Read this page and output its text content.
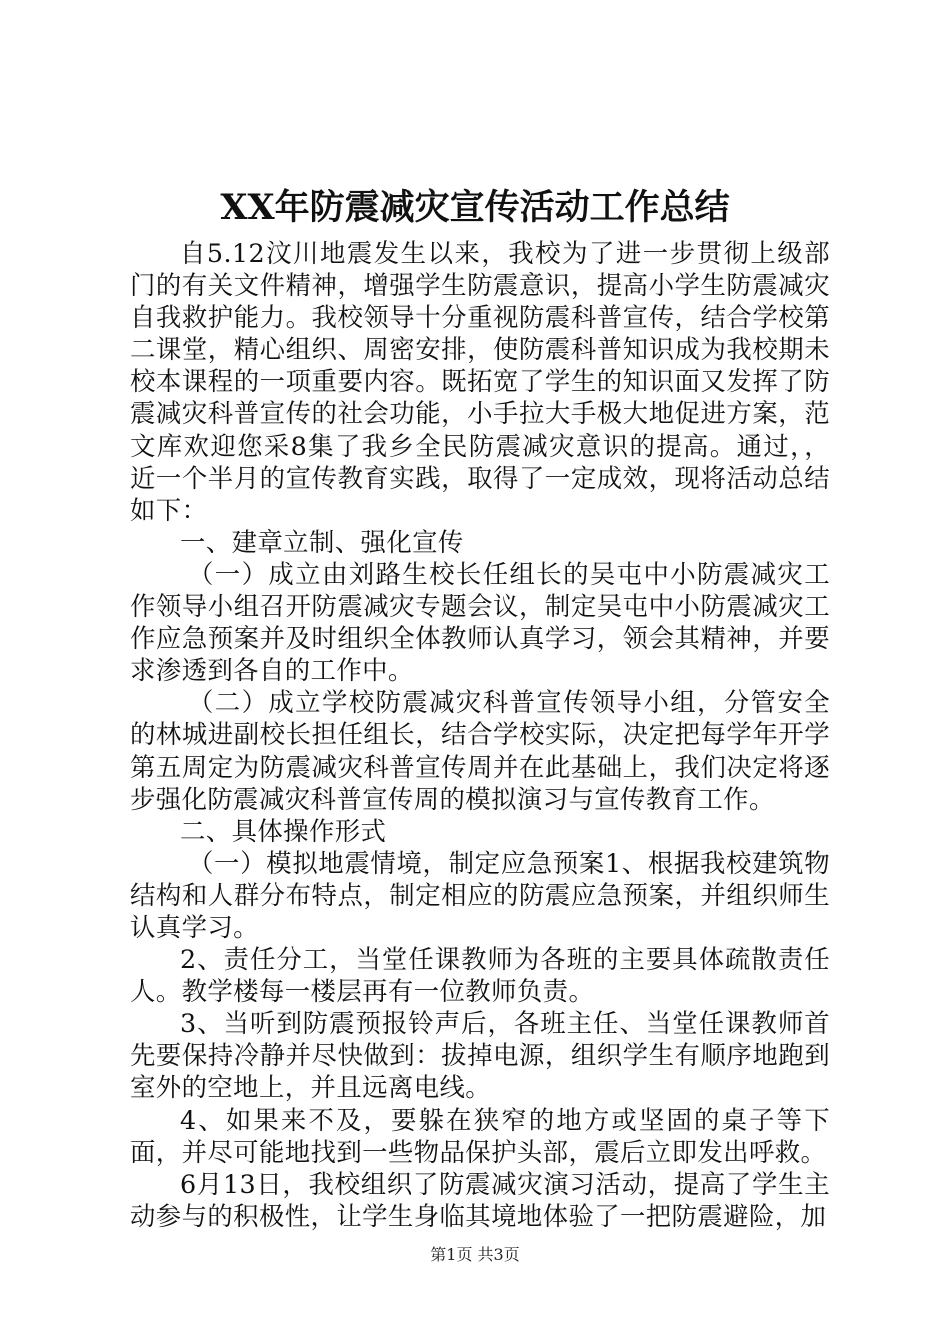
XX年防震减灾宣传活动工作总结

自5.12汶川地震发生以来，我校为了进一步贯彻上级部门的有关文件精神，增强学生防震意识，提高小学生防震减灾自我救护能力。我校领导十分重视防震科普宣传，结合学校第二课堂，精心组织、周密安排，使防震科普知识成为我校期未校本课程的一项重要内容。既拓宽了学生的知识面又发挥了防震减灾科普宣传的社会功能，小手拉大手极大地促进方案，范文库欢迎您采8集了我乡全民防震减灾意识的提高。通过，，近一个半月的宣传教育实践，取得了一定成效，现将活动总结如下：

一、建章立制、强化宣传

（一）成立由刘路生校长任组长的吴屯中小防震减灾工作领导小组召开防震减灾专题会议，制定吴屯中小防震减灾工作应急预案并及时组织全体教师认真学习，领会其精神，并要求渗透到各自的工作中。

（二）成立学校防震减灾科普宣传领导小组，分管安全的林城进副校长担任组长，结合学校实际，决定把每学年开学第五周定为防震减灾科普宣传周并在此基础上，我们决定将逐步强化防震减灾科普宣传周的模拟演习与宣传教育工作。

二、具体操作形式

（一）模拟地震情境，制定应急预案1、根据我校建筑物结构和人群分布特点，制定相应的防震应急预案，并组织师生认真学习。

2、责任分工，当堂任课教师为各班的主要具体疏散责任人。教学楼每一楼层再有一位教师负责。

3、当听到防震预报铃声后，各班主任、当堂任课教师首先要保持冷静并尽快做到：拔掉电源，组织学生有顺序地跑到室外的空地上，并且远离电线。

4、如果来不及，要躲在狭窄的地方或坚固的桌子等下面，并尽可能地找到一些物品保护头部，震后立即发出呼救。

6月13日，我校组织了防震减灾演习活动，提高了学生主动参与的积极性，让学生身临其境地体验了一把防震避险，加

第1页 共3页
